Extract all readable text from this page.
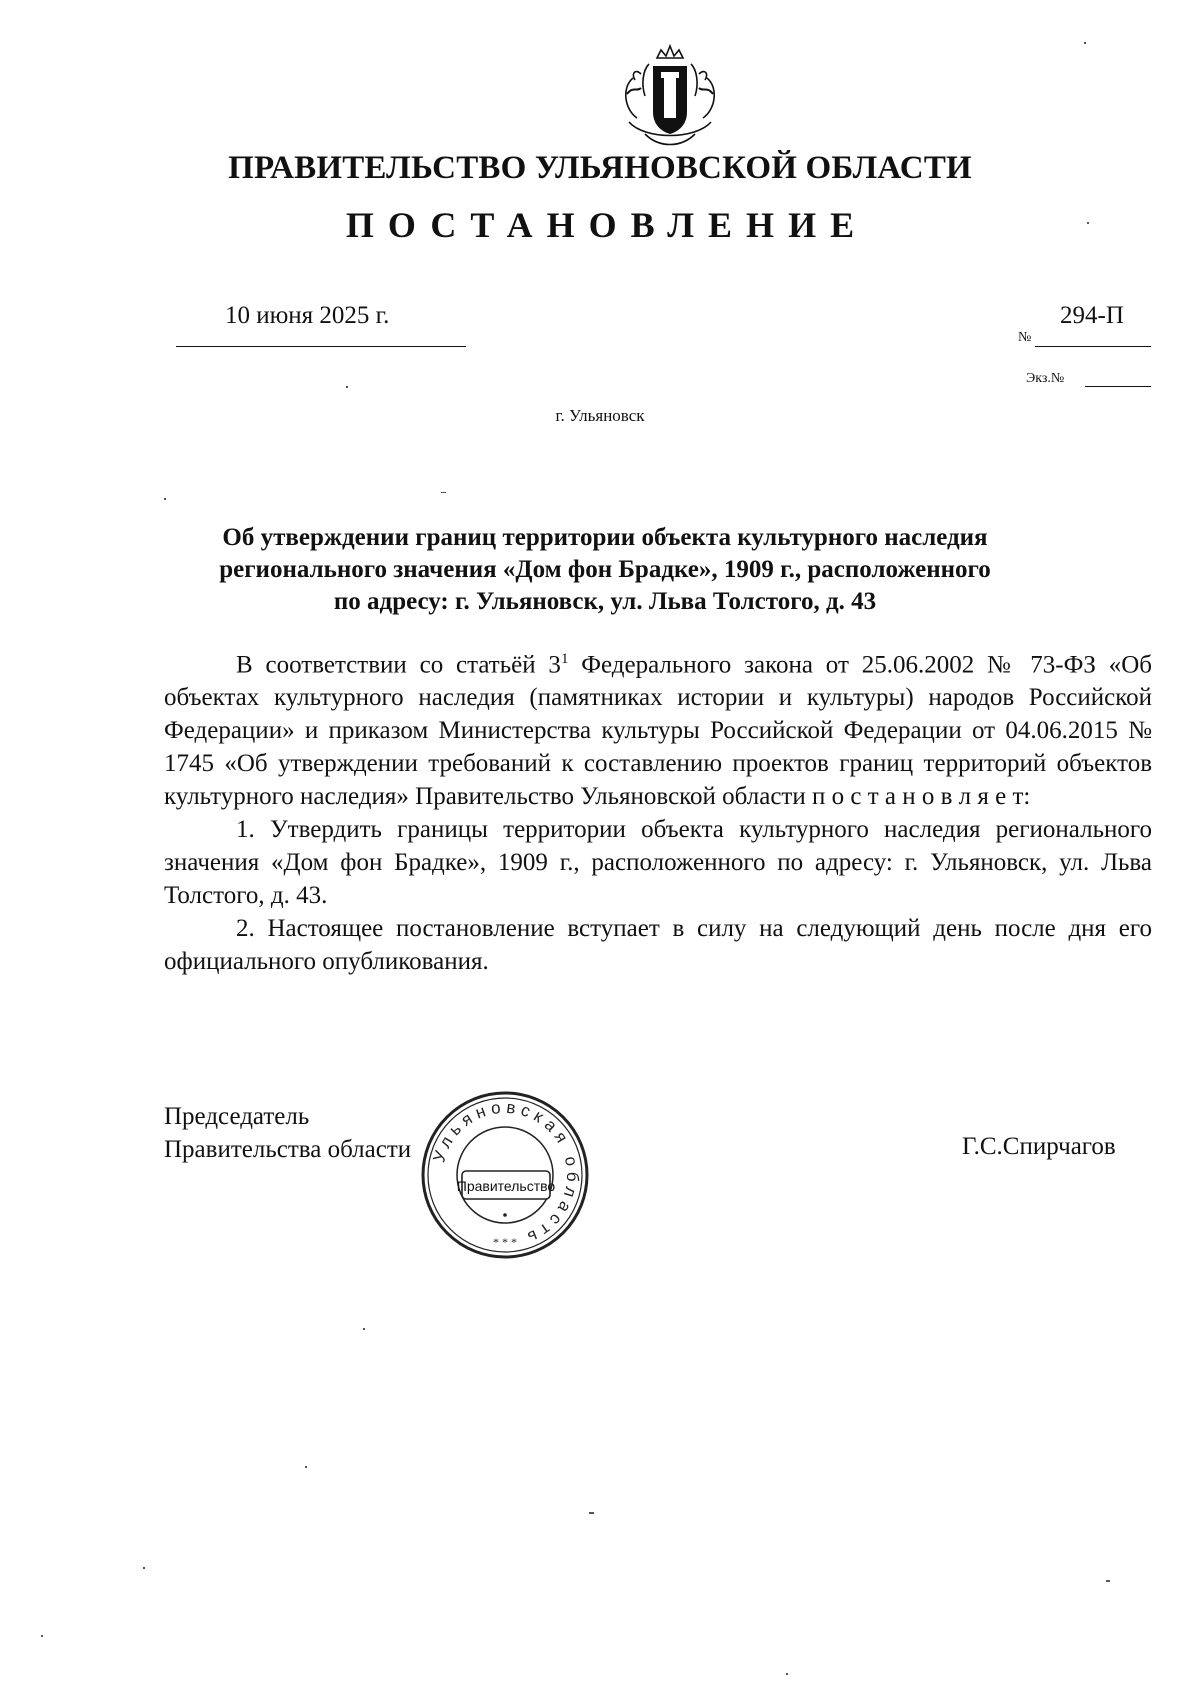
ПРАВИТЕЛЬСТВО УЛЬЯНОВСКОЙ ОБЛАСТИ
ПОСТАНОВЛЕНИЕ
10 июня 2025 г.
№
294-П
Экз.№
г. Ульяновск
Об утверждении границ территории объекта культурного наследия
регионального значения «Дом фон Брадке», 1909 г., расположенного
по адресу: г. Ульяновск, ул. Льва Толстого, д. 43

В соответствии со статьёй $3^1$ Федерального закона от 25.06.2002 № 73-ФЗ «Об объектах культурного наследия (памятниках истории и культуры) народов Российской Федерации» и приказом Министерства культуры Российской Федерации от 04.06.2015 № 1745 «Об утверждении требований к составлению проектов границ территорий объектов культурного наследия» Правительство Ульяновской области п о с т а н о в л я е т:

1. Утвердить границы территории объекта культурного наследия регионального значения «Дом фон Брадке», 1909 г., расположенного по адресу: г. Ульяновск, ул. Льва Толстого, д. 43.

2. Настоящее постановление вступает в силу на следующий день после дня его официального опубликования.

Председатель
Правительства области	Г.С.Спирчагов
Ульяновская область
Правительство
* * *
